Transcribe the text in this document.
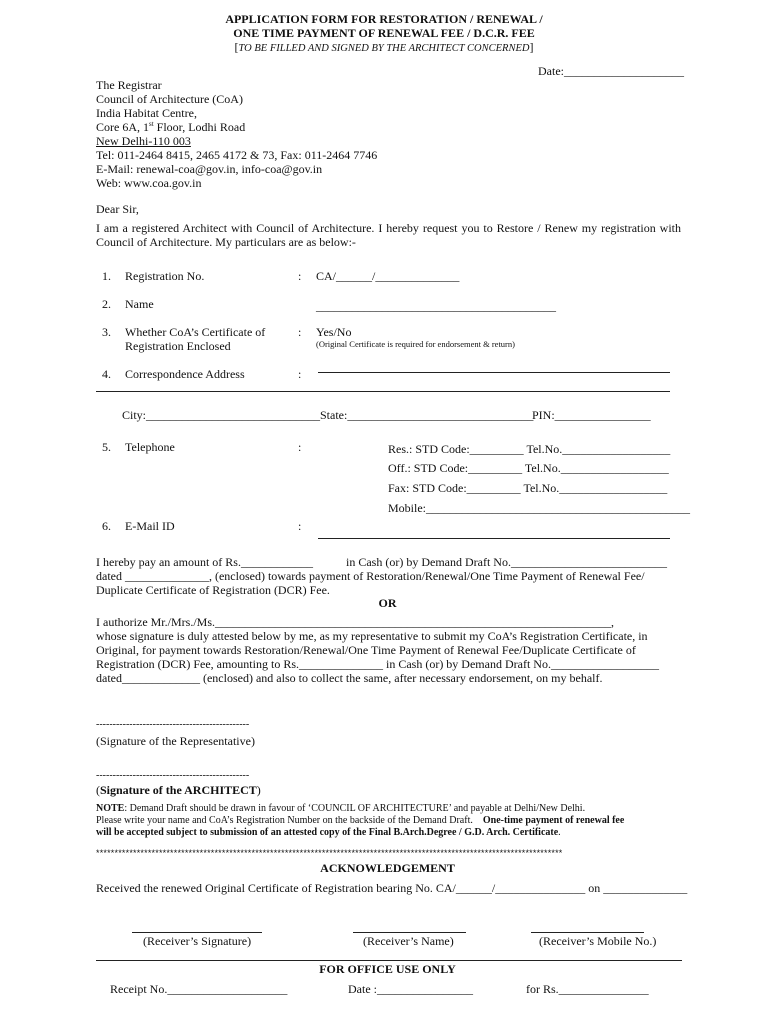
APPLICATION FORM FOR RESTORATION / RENEWAL /
ONE TIME PAYMENT OF RENEWAL FEE / D.C.R. FEE
[TO BE FILLED AND SIGNED BY THE ARCHITECT CONCERNED]
Date:____________________
The Registrar
Council of Architecture (CoA)
India Habitat Centre,
Core 6A, 1st Floor, Lodhi Road
New Delhi-110 003
Tel: 011-2464 8415, 2465 4172 & 73, Fax: 011-2464 7746
E-Mail: renewal-coa@gov.in, info-coa@gov.in
Web: www.coa.gov.in
Dear Sir,
I am a registered Architect with Council of Architecture. I hereby request you to Restore / Renew my registration with Council of Architecture. My particulars are as below:-
1. Registration No.	: CA/______/______________
2. Name	________________________________________
3. Whether CoA’s Certificate of
Registration Enclosed
: Yes/No
(Original Certificate is required for endorsement & return)
4. Correspondence Address	:
City:_____________________________ State:_______________________________
PIN:________________
5. Telephone	:	Res.: STD Code:_________ Tel.No.__________________
Off.: STD Code:_________ Tel.No.__________________
Fax: STD Code:_________ Tel.No.__________________
Mobile:____________________________________________
6. E-Mail ID	:
I hereby pay an amount of Rs.____________	in Cash (or) by Demand Draft No.__________________________
dated ______________, (enclosed) towards payment of Restoration/Renewal/One Time Payment of Renewal Fee/
Duplicate Certificate of Registration (DCR) Fee.
OR
I authorize Mr./Mrs./Ms.__________________________________________________________________,
whose signature is duly attested below by me, as my representative to submit my CoA’s Registration Certificate, in
Original, for payment towards Restoration/Renewal/One Time Payment of Renewal Fee/Duplicate Certificate of
Registration (DCR) Fee, amounting to Rs.______________ in Cash (or) by Demand Draft No.__________________
dated_____________ (enclosed) and also to collect the same, after necessary endorsement, on my behalf.
----------------------------------------------
(Signature of the Representative)
----------------------------------------------
(Signature of the ARCHITECT)
NOTE: Demand Draft should be drawn in favour of ‘COUNCIL OF ARCHITECTURE’ and payable at Delhi/New Delhi.
Please write your name and CoA’s Registration Number on the backside of the Demand Draft. One-time payment of renewal fee
will be accepted subject to submission of an attested copy of the Final B.Arch.Degree / G.D. Arch. Certificate.
******************************************************************************************************************************
ACKNOWLEDGEMENT
Received the renewed Original Certificate of Registration bearing No. CA/______/_______________ on ______________
(Receiver’s Signature)	(Receiver’s Name)	(Receiver’s Mobile No.)
FOR OFFICE USE ONLY
Receipt No.____________________	Date :________________	for Rs._______________
